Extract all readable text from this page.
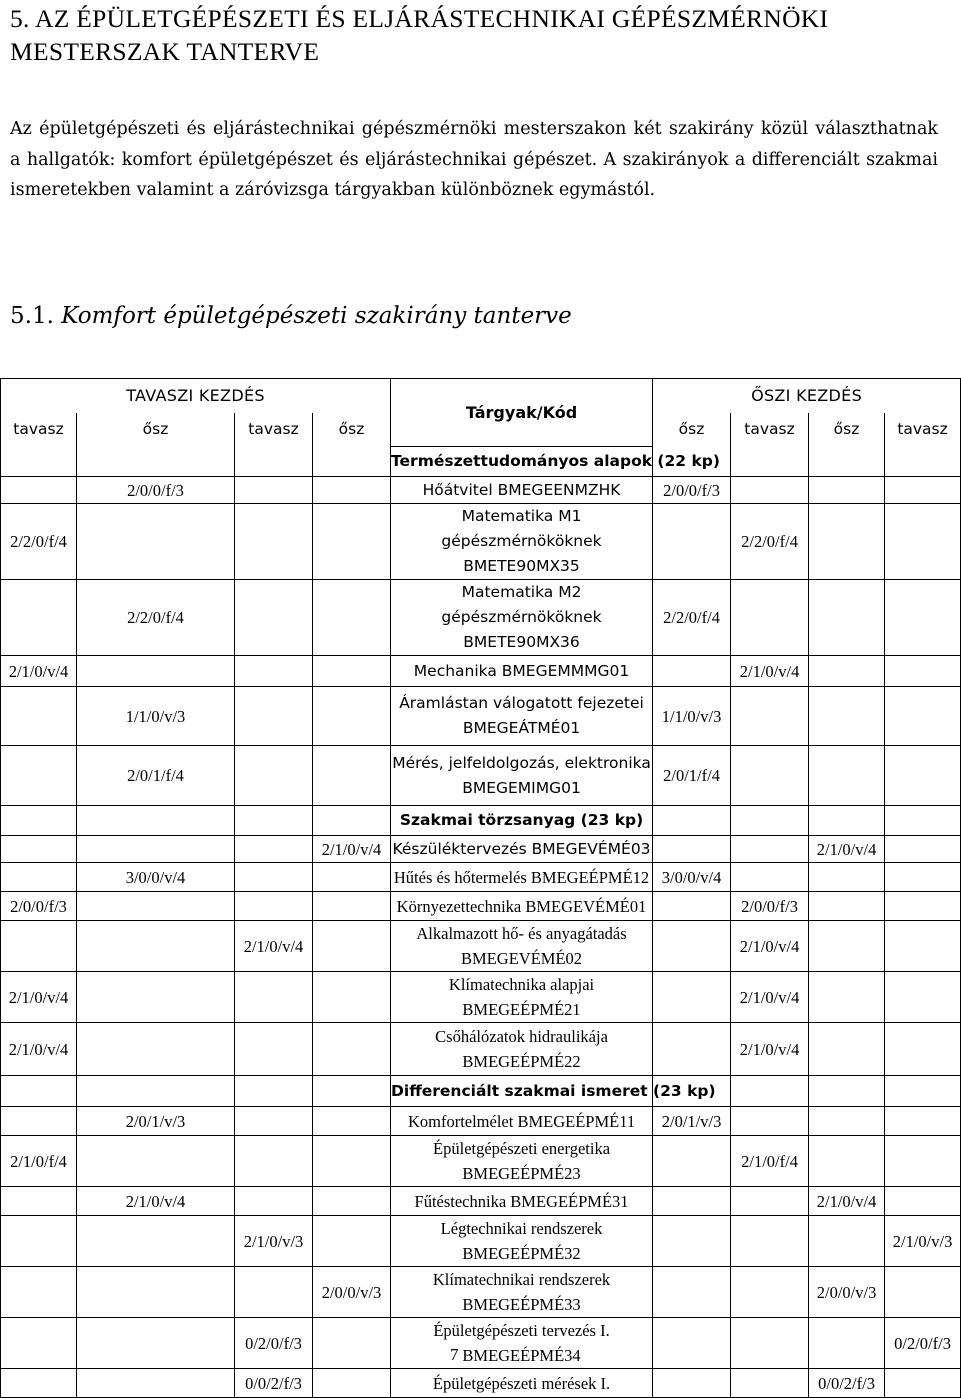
5. AZ ÉPÜLETGÉPÉSZETI ÉS ELJÁRÁSTECHNIKAI GÉPÉSZMÉRNÖKI MESTERSZAK TANTERVE
Az épületgépészeti és eljárástechnikai gépészmérnöki mesterszakon két szakirány közül választhatnak a hallgatók: komfort épületgépészet és eljárástechnikai gépészet. A szakirányok a differenciált szakmai ismeretekben valamint a záróvizsga tárgyakban különböznek egymástól.
5.1. Komfort épületgépészeti szakirány tanterve
TAVASZI KEZDÉS				Tárgyak/Kód	ŐSZI KEZDÉS			
tavasz	ősz	tavasz	ősz		ősz	tavasz	ősz	tavasz
				Természettudományos alapok (22 kp)				
	2/0/0/f/3			Hőátvitel BMEGEENMZHK	2/0/0/f/3			
2/2/0/f/4				Matematika M1 gépészmérnököknek BMETE90MX35		2/2/0/f/4		
	2/2/0/f/4			Matematika M2 gépészmérnököknek BMETE90MX36	2/2/0/f/4			
2/1/0/v/4				Mechanika BMEGEMMMG01		2/1/0/v/4		
	1/1/0/v/3			Áramlástan válogatott fejezetei BMEGEÁTMÉ01	1/1/0/v/3			
	2/0/1/f/4			Mérés, jelfeldolgozás, elektronika BMEGEMIMG01	2/0/1/f/4			
				Szakmai törzsanyag (23 kp)				
			2/1/0/v/4	Készüléktervezés BMEGEVÉMÉ03			2/1/0/v/4	
	3/0/0/v/4			Hűtés és hőtermelés BMEGEÉPMÉ12	3/0/0/v/4			
2/0/0/f/3				Környezettechnika BMEGEVÉMÉ01		2/0/0/f/3		
		2/1/0/v/4		Alkalmazott hő- és anyagátadás BMEGEVÉMÉ02		2/1/0/v/4		
2/1/0/v/4				Klímatechnika alapjai BMEGEÉPMÉ21		2/1/0/v/4		
2/1/0/v/4				Csőhálózatok hidraulikája BMEGEÉPMÉ22		2/1/0/v/4		
				Differenciált szakmai ismeret (23 kp)				
	2/0/1/v/3			Komfortelmélet BMEGEÉPMÉ11	2/0/1/v/3			
2/1/0/f/4				Épületgépészeti energetika BMEGEÉPMÉ23		2/1/0/f/4		
	2/1/0/v/4			Fűtéstechnika BMEGEÉPMÉ31			2/1/0/v/4	
		2/1/0/v/3		Légtechnikai rendszerek BMEGEÉPMÉ32				2/1/0/v/3
			2/0/0/v/3	Klímatechnikai rendszerek BMEGEÉPMÉ33			2/0/0/v/3	
		0/2/0/f/3		Épületgépészeti tervezés I. BMEGEÉPMÉ34				0/2/0/f/3
		0/0/2/f/3		Épületgépészeti mérések I.			0/0/2/f/3	
7
